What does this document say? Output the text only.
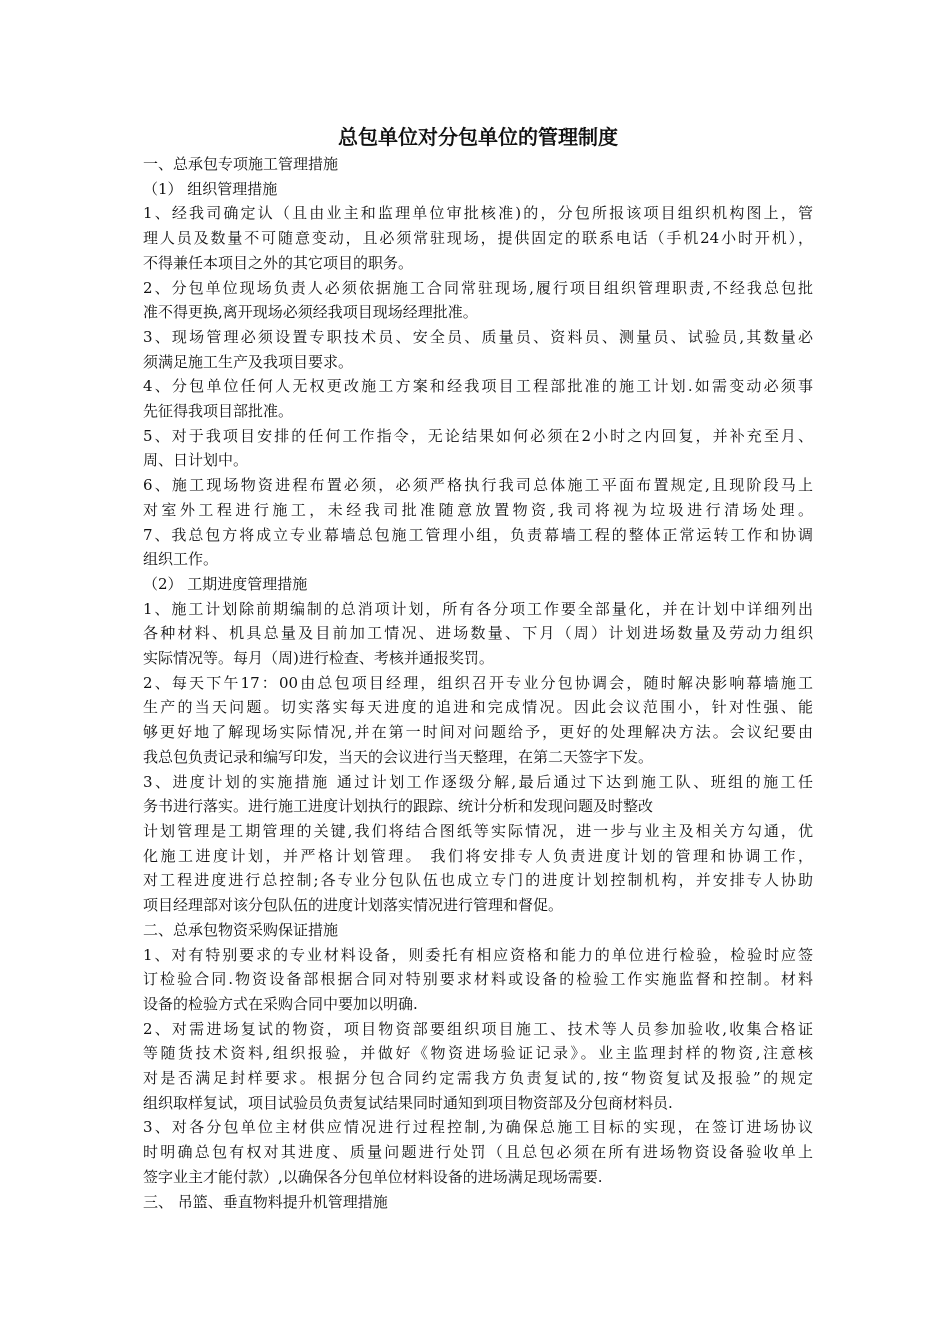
总包单位对分包单位的管理制度

一、总承包专项施工管理措施

（1） 组织管理措施

1、经我司确定认（且由业主和监理单位审批核准)的，分包所报该项目组织机构图上，管

理人员及数量不可随意变动，且必须常驻现场，提供固定的联系电话（手机24小时开机），

不得兼任本项目之外的其它项目的职务。

2、分包单位现场负责人必须依据施工合同常驻现场,履行项目组织管理职责,不经我总包批

准不得更换,离开现场必须经我项目现场经理批准。

3、现场管理必须设置专职技术员、安全员、质量员、资料员、测量员、试验员,其数量必

须满足施工生产及我项目要求。

4、分包单位任何人无权更改施工方案和经我项目工程部批准的施工计划.如需变动必须事

先征得我项目部批准。

5、对于我项目安排的任何工作指令，无论结果如何必须在2小时之内回复，并补充至月、

周、日计划中。

6、施工现场物资进程布置必须，必须严格执行我司总体施工平面布置规定,且现阶段马上

对室外工程进行施工，未经我司批准随意放置物资,我司将视为垃圾进行清场处理。

7、我总包方将成立专业幕墙总包施工管理小组，负责幕墙工程的整体正常运转工作和协调

组织工作。

（2） 工期进度管理措施

1、施工计划除前期编制的总消项计划，所有各分项工作要全部量化，并在计划中详细列出

各种材料、机具总量及目前加工情况、进场数量、下月（周）计划进场数量及劳动力组织

实际情况等。每月（周)进行检查、考核并通报奖罚。

2、每天下午17：00由总包项目经理，组织召开专业分包协调会，随时解决影响幕墙施工

生产的当天问题。切实落实每天进度的追进和完成情况。因此会议范围小，针对性强、能

够更好地了解现场实际情况,并在第一时间对问题给予，更好的处理解决方法。会议纪要由

我总包负责记录和编写印发，当天的会议进行当天整理，在第二天签字下发。

3、进度计划的实施措施 通过计划工作逐级分解,最后通过下达到施工队、班组的施工任

务书进行落实。进行施工进度计划执行的跟踪、统计分析和发现问题及时整改

计划管理是工期管理的关键,我们将结合图纸等实际情况，进一步与业主及相关方勾通，优

化施工进度计划，并严格计划管理。 我们将安排专人负责进度计划的管理和协调工作，

对工程进度进行总控制;各专业分包队伍也成立专门的进度计划控制机构，并安排专人协助

项目经理部对该分包队伍的进度计划落实情况进行管理和督促。

二、总承包物资采购保证措施

1、对有特别要求的专业材料设备，则委托有相应资格和能力的单位进行检验，检验时应签

订检验合同.物资设备部根据合同对特别要求材料或设备的检验工作实施监督和控制。材料

设备的检验方式在采购合同中要加以明确.

2、对需进场复试的物资，项目物资部要组织项目施工、技术等人员参加验收,收集合格证

等随货技术资料,组织报验，并做好《物资进场验证记录》。业主监理封样的物资,注意核

对是否满足封样要求。根据分包合同约定需我方负责复试的,按“物资复试及报验”的规定

组织取样复试，项目试验员负责复试结果同时通知到项目物资部及分包商材料员.

3、对各分包单位主材供应情况进行过程控制,为确保总施工目标的实现，在签订进场协议

时明确总包有权对其进度、质量问题进行处罚（且总包必须在所有进场物资设备验收单上

签字业主才能付款）,以确保各分包单位材料设备的进场满足现场需要.

三、 吊篮、垂直物料提升机管理措施
